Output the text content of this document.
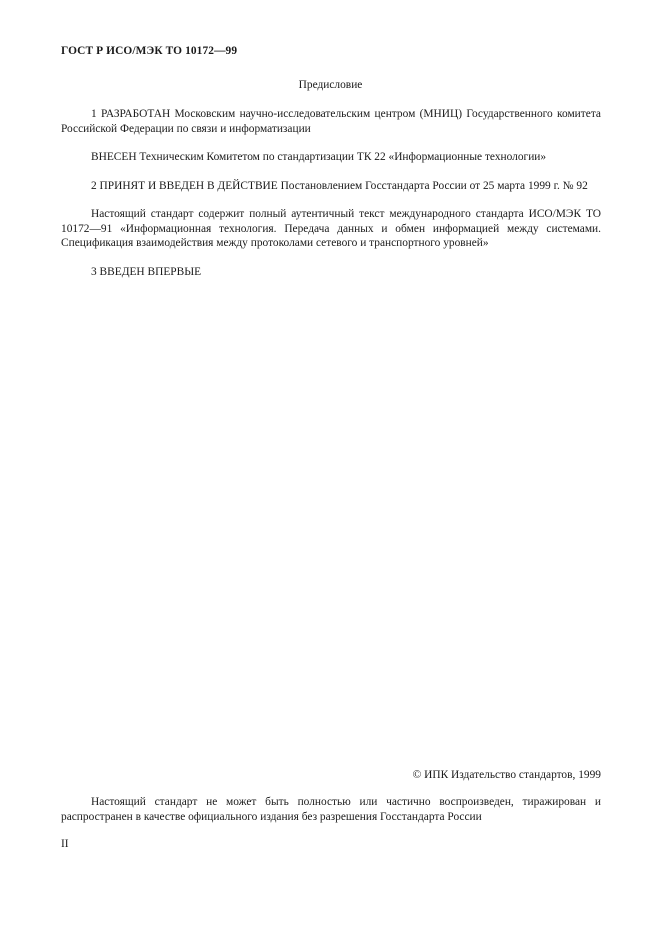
ГОСТ Р ИСО/МЭК ТО 10172—99
Предисловие

1 РАЗРАБОТАН Московским научно-исследовательским центром (МНИЦ) Государственного комитета Российской Федерации по связи и информатизации

ВНЕСЕН Техническим Комитетом по стандартизации ТК 22 «Информационные технологии»

2 ПРИНЯТ И ВВЕДЕН В ДЕЙСТВИЕ Постановлением Госстандарта России от 25 марта 1999 г. № 92

Настоящий стандарт содержит полный аутентичный текст международного стандарта ИСО/МЭК ТО 10172—91 «Информационная технология. Передача данных и обмен информацией между системами. Спецификация взаимодействия между протоколами сетевого и транспортного уровней»

3 ВВЕДЕН ВПЕРВЫЕ

© ИПК Издательство стандартов, 1999

Настоящий стандарт не может быть полностью или частично воспроизведен, тиражирован и распространен в качестве официального издания без разрешения Госстандарта России

II
